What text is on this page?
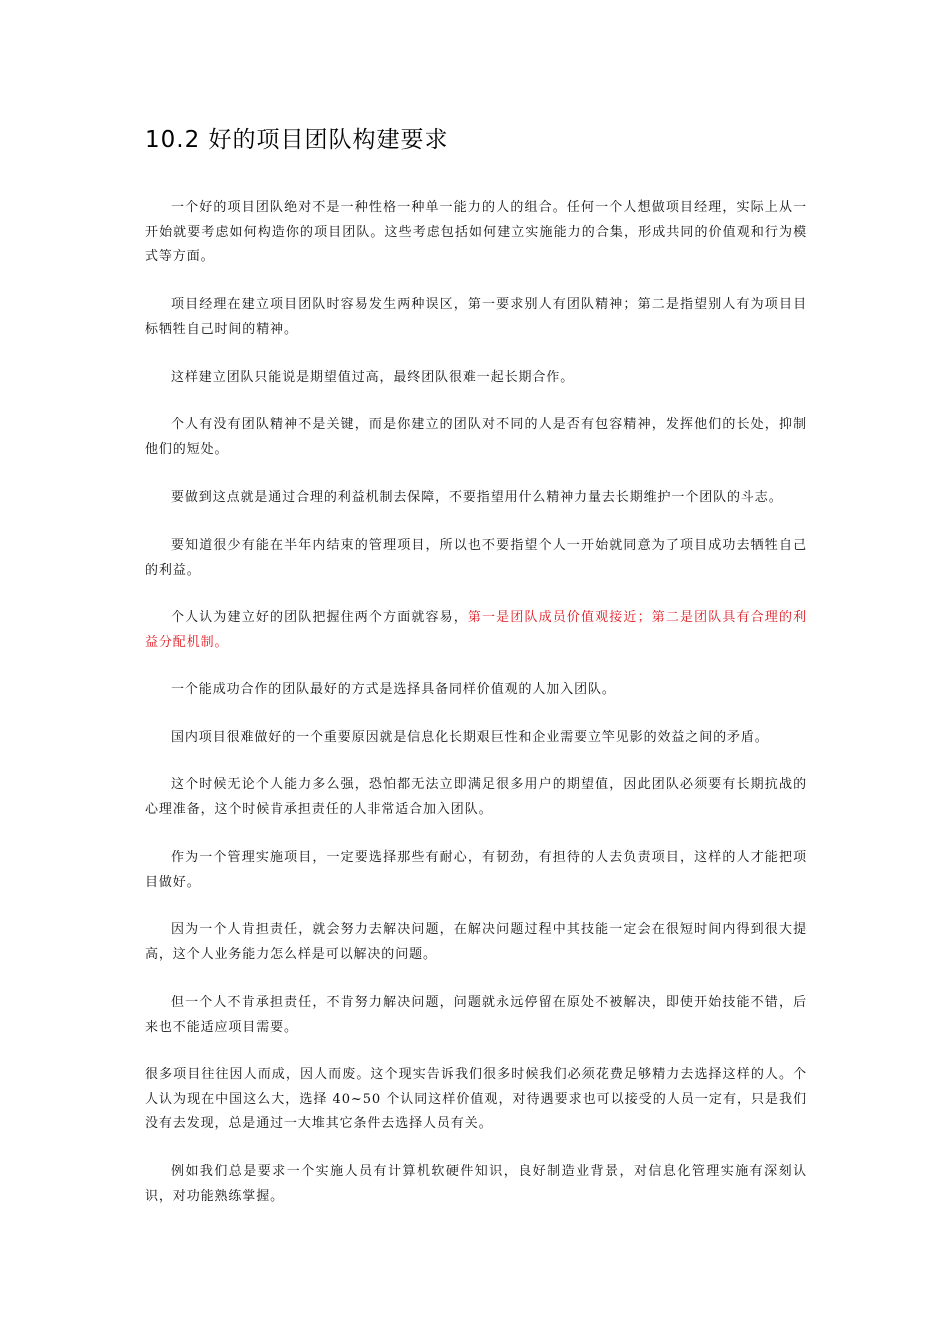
10.2 好的项目团队构建要求

一个好的项目团队绝对不是一种性格一种单一能力的人的组合。任何一个人想做项目经理，实际上从一开始就要考虑如何构造你的项目团队。这些考虑包括如何建立实施能力的合集，形成共同的价值观和行为模式等方面。

项目经理在建立项目团队时容易发生两种误区，第一要求别人有团队精神；第二是指望别人有为项目目标牺牲自己时间的精神。

这样建立团队只能说是期望值过高，最终团队很难一起长期合作。

个人有没有团队精神不是关键，而是你建立的团队对不同的人是否有包容精神，发挥他们的长处，抑制他们的短处。

要做到这点就是通过合理的利益机制去保障，不要指望用什么精神力量去长期维护一个团队的斗志。

要知道很少有能在半年内结束的管理项目，所以也不要指望个人一开始就同意为了项目成功去牺牲自己的利益。

个人认为建立好的团队把握住两个方面就容易，第一是团队成员价值观接近；第二是团队具有合理的利益分配机制。

一个能成功合作的团队最好的方式是选择具备同样价值观的人加入团队。

国内项目很难做好的一个重要原因就是信息化长期艰巨性和企业需要立竿见影的效益之间的矛盾。

这个时候无论个人能力多么强，恐怕都无法立即满足很多用户的期望值，因此团队必须要有长期抗战的心理准备，这个时候肯承担责任的人非常适合加入团队。

作为一个管理实施项目，一定要选择那些有耐心，有韧劲，有担待的人去负责项目，这样的人才能把项目做好。

因为一个人肯担责任，就会努力去解决问题，在解决问题过程中其技能一定会在很短时间内得到很大提高，这个人业务能力怎么样是可以解决的问题。

但一个人不肯承担责任，不肯努力解决问题，问题就永远停留在原处不被解决，即使开始技能不错，后来也不能适应项目需要。

很多项目往往因人而成，因人而废。这个现实告诉我们很多时候我们必须花费足够精力去选择这样的人。个人认为现在中国这么大，选择 40~50 个认同这样价值观，对待遇要求也可以接受的人员一定有，只是我们没有去发现，总是通过一大堆其它条件去选择人员有关。

例如我们总是要求一个实施人员有计算机软硬件知识，良好制造业背景，对信息化管理实施有深刻认识，对功能熟练掌握。
